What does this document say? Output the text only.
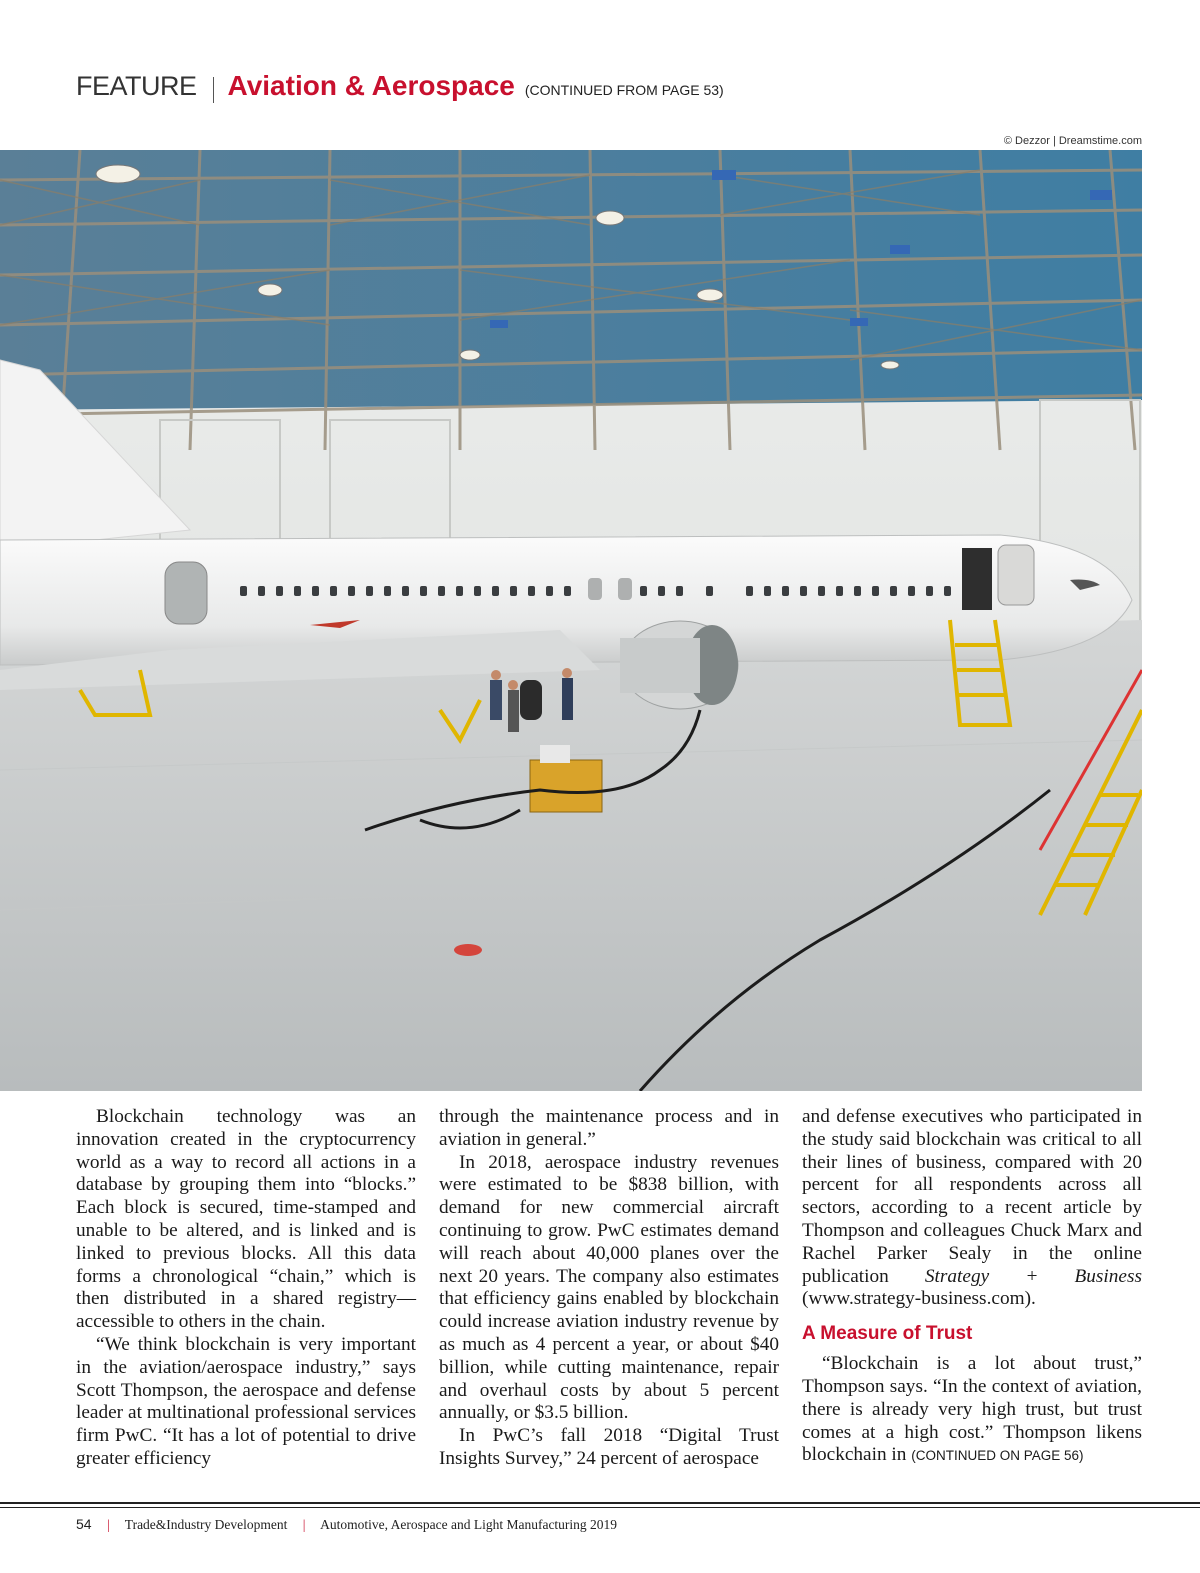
FEATURE Aviation & Aerospace (CONTINUED FROM PAGE 53)
© Dezzor | Dreamstime.com

Blockchain technology was an innovation created in the cryptocurrency world as a way to record all actions in a database by grouping them into “blocks.” Each block is secured, time-stamped and unable to be altered, and is linked and is linked to previous blocks. All this data forms a chronological “chain,” which is then distributed in a shared registry—accessible to others in the chain.

“We think blockchain is very important in the aviation/aerospace industry,” says Scott Thompson, the aerospace and defense leader at multinational professional services firm PwC. “It has a lot of potential to drive greater efficiency

through the maintenance process and in aviation in general.”

In 2018, aerospace industry revenues were estimated to be $838 billion, with demand for new commercial aircraft continuing to grow. PwC estimates demand will reach about 40,000 planes over the next 20 years. The company also estimates that efficiency gains enabled by blockchain could increase aviation industry revenue by as much as 4 percent a year, or about $40 billion, while cutting maintenance, repair and overhaul costs by about 5 percent annually, or $3.5 billion.

In PwC’s fall 2018 “Digital Trust Insights Survey,” 24 percent of aerospace

and defense executives who participated in the study said blockchain was critical to all their lines of business, compared with 20 percent for all respondents across all sectors, according to a recent article by Thompson and colleagues Chuck Marx and Rachel Parker Sealy in the online publication Strategy + Business (www.strategy-business.com).

A Measure of Trust

“Blockchain is a lot about trust,” Thompson says. “In the context of aviation, there is already very high trust, but trust comes at a high cost.” Thompson likens blockchain in (CONTINUED ON PAGE 56)

54 | Trade&Industry Development | Automotive, Aerospace and Light Manufacturing 2019
